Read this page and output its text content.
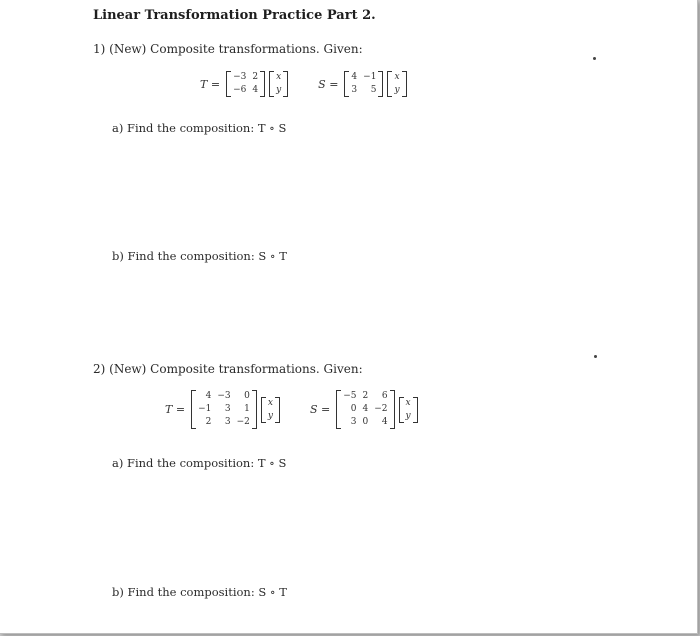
Linear Transformation Practice Part 2.
1) (New) Composite transformations. Given:
T =
−3	2
−6	4
x
y	S =
4	−1
3	5
x
y
a) Find the composition: T ∘ S
b) Find the composition: S ∘ T
2) (New) Composite transformations. Given:
T =
4	−3	0
−1	3	1
2	3	−2
x
y	S =
−5	2	6
0	4	−2
3	0	4
x
y
a) Find the composition: T ∘ S
b) Find the composition: S ∘ T
